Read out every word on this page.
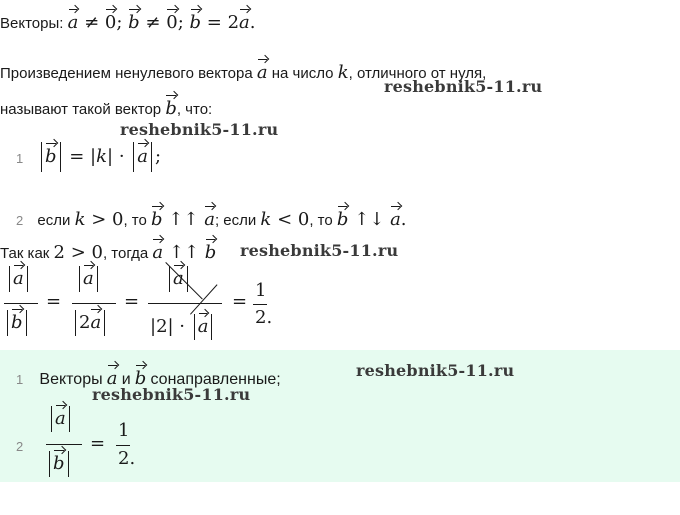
Векторы: a ≠ 0; b ≠ 0; b = 2a.
Произведением ненулевого вектора a на число k, отличного от нуля,
reshebnik5-11.ru
называют такой вектор b, что:
reshebnik5-11.ru
1	b = |k| · a ;
2 если k > 0, то b ↑↑ a; если k < 0, то b ↑↓ a.
Так как 2 > 0, тогда a ↑↑ b reshebnik5-11.ru
a
b
=
a
2a
=
a
|2| · a
=
1
2.
1 Векторы a и b сонаправленные;	reshebnik5-11.ru
reshebnik5-11.ru
2
a
b
=
1
2.
